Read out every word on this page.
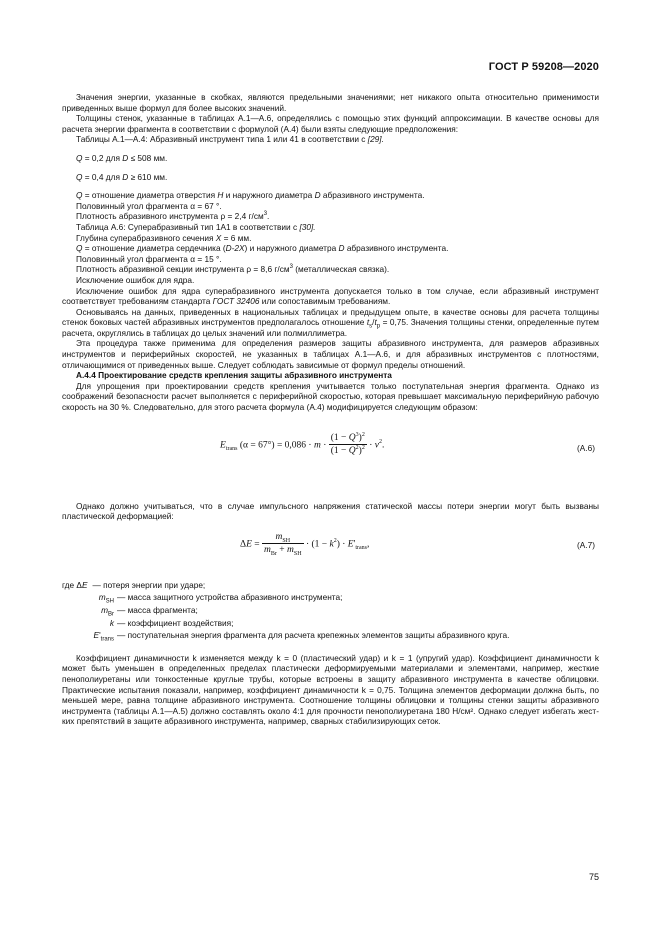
ГОСТ Р 59208—2020

Значения энергии, указанные в скобках, являются предельными значениями; нет никакого опыта относительно применимости приведенных выше формул для более высоких значений.

Толщины стенок, указанные в таблицах А.1—А.6, определялись с помощью этих функций аппроксимации. В качестве основы для расчета энергии фрагмента в соответствии с формулой (А.4) были взяты следующие предположения:

Таблицы А.1—А.4: Абразивный инструмент типа 1 или 41 в соответствии с [29].

Q = 0,2 для D ≤ 508 мм.

Q = 0,4 для D ≥ 610 мм.

Q = отношение диаметра отверстия H и наружного диаметра D абразивного инструмента.

Половинный угол фрагмента α = 67 °.

Плотность абразивного инструмента ρ = 2,4 $г/см^3$.

Таблица А.6: Суперабразивный тип 1А1 в соответствии с [30].

Глубина суперабразивного сечения X = 6 мм.

Q = отношение диаметра сердечника (D-2X) и наружного диаметра D абразивного инструмента.

Половинный угол фрагмента α = 15 °.

Плотность абразивной секции инструмента ρ = 8,6 $г/см^3$ (металлическая связка).

Исключение ошибок для ядра.

Исключение ошибок для ядра суперабразивного инструмента допускается только в том случае, если абразивный инструмент соответствует требованиям стандарта ГОСТ 32406 или сопоставимым требованиям.

Основываясь на данных, приведенных в национальных таблицах и предыдущем опыте, в качестве основы для расчета толщины стенок боковых частей абразивных инструментов предполагалось отношение $t_s/t_p = 0,75$. Значения толщины стенки, определенные путем расчета, округлялись в таблицах до целых значений или полмиллиметра.

Эта процедура также применима для определения размеров защиты абразивного инструмента, для размеров абразивных инструментов и периферийных скоростей, не указанных в таблицах А.1—А.6, и для абразивных инструментов с плотностями, отличающимися от приведенных выше. Следует соблюдать зависимые от формул пределы отношений.

А.4.4 Проектирование средств крепления защиты абразивного инструмента

Для упрощения при проектировании средств крепления учитывается только поступательная энергия фрагмента. Однако из соображений безопасности расчет выполняется с периферийной скоростью, которая превышает максимальную периферийную рабочую скорость на 30 %. Следовательно, для этого расчета формула (А.4) модифицируется следующим образом:

$E_{trans}$ $(\alpha = 67^\circ) = 0,086 \cdot m \cdot \frac{(1 - Q^3)^2}{(1 - Q^2)^2} \cdot v^2$.	(А.6)

Однако должно учитываться, что в случае импульсного напряжения статической массы потери энергии могут быть вызваны пластической деформацией:

$\Delta E = \frac{m_{SH}}{m_{Br} + m_{SH}} \cdot (1 - k^2) \cdot E'_{trans}$,	(А.7)
где ΔE — потеря энергии при ударе;
$m_{SH}$ — масса защитного устройства абразивного инструмента;
$m_{Br}$ — масса фрагмента;
k — коэффициент воздействия;
$E'_{trans}$ — поступательная энергия фрагмента для расчета крепежных элементов защиты абразивного круга.

Коэффициент динамичности k изменяется между k = 0 (пластический удар) и k = 1 (упругий удар). Коэффициент динамичности k может быть уменьшен в определенных пределах пластически деформируемыми материалами и элементами, например, жесткие пенополиуретаны или тонкостенные круглые трубы, которые встроены в защиту абразивного инструмента в качестве облицовки. Практические испытания показали, например, коэффициент динамичности k = 0,75. Толщина элементов деформации должна быть, по меньшей мере, равна толщине абразивного инструмента. Соотношение толщины облицовки и толщины стенки защиты абразивного инструмента (таблицы А.1—А.5) должно составлять около 4:1 для прочности пенополиуретана 180 Н/см². Однако следует избегать жестких препятствий в защите абразивного инструмента, например, сварных стабилизирующих сеток.

75
